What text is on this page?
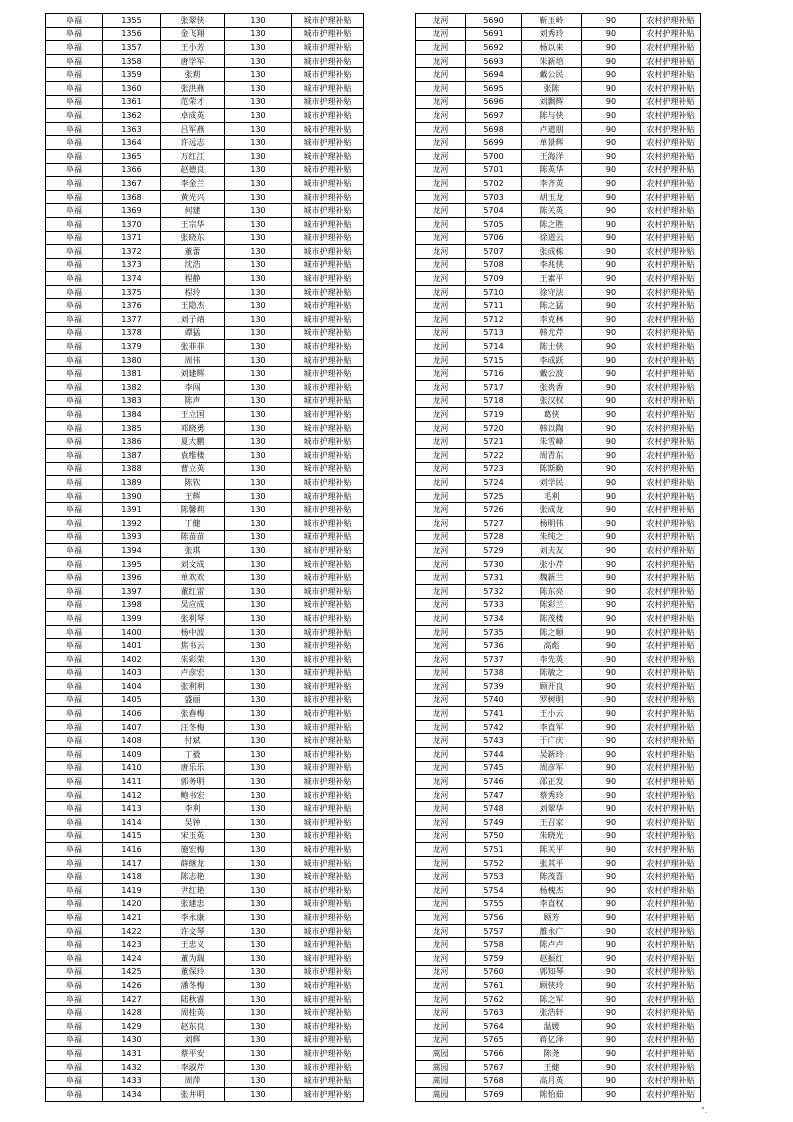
阜福	1355	张翠侠	130	城市护理补贴
阜福	1356	金飞翔	130	城市护理补贴
阜福	1357	王小芳	130	城市护理补贴
阜福	1358	唐学军	130	城市护理补贴
阜福	1359	张莉	130	城市护理补贴
阜福	1360	张洪燕	130	城市护理补贴
阜福	1361	范荣才	130	城市护理补贴
阜福	1362	卓成英	130	城市护理补贴
阜福	1363	吕军燕	130	城市护理补贴
阜福	1364	许远志	130	城市护理补贴
阜福	1365	万红江	130	城市护理补贴
阜福	1366	赵德良	130	城市护理补贴
阜福	1367	李金兰	130	城市护理补贴
阜福	1368	黄光兴	130	城市护理补贴
阜福	1369	何建	130	城市护理补贴
阜福	1370	王宗华	130	城市护理补贴
阜福	1371	张晓东	130	城市护理补贴
阜福	1372	董蕾	130	城市护理补贴
阜福	1373	沈浩	130	城市护理补贴
阜福	1374	程静	130	城市护理补贴
阜福	1375	程玲	130	城市护理补贴
阜福	1376	王隐杰	130	城市护理补贴
阜福	1377	刘子靖	130	城市护理补贴
阜福	1378	谭猛	130	城市护理补贴
阜福	1379	张菲菲	130	城市护理补贴
阜福	1380	周伟	130	城市护理补贴
阜福	1381	刘建辉	130	城市护理补贴
阜福	1382	李闯	130	城市护理补贴
阜福	1383	陈声	130	城市护理补贴
阜福	1384	王立国	130	城市护理补贴
阜福	1385	邓晓勇	130	城市护理补贴
阜福	1386	夏大鹏	130	城市护理补贴
阜福	1387	袁维楼	130	城市护理补贴
阜福	1388	曹立英	130	城市护理补贴
阜福	1389	陈钦	130	城市护理补贴
阜福	1390	王辉	130	城市护理补贴
阜福	1391	陈馨莉	130	城市护理补贴
阜福	1392	丁健	130	城市护理补贴
阜福	1393	陈苗苗	130	城市护理补贴
阜福	1394	张琪	130	城市护理补贴
阜福	1395	刘文成	130	城市护理补贴
阜福	1396	单欢欢	130	城市护理补贴
阜福	1397	董红雷	130	城市护理补贴
阜福	1398	吴应成	130	城市护理补贴
阜福	1399	张利琴	130	城市护理补贴
阜福	1400	杨中波	130	城市护理补贴
阜福	1401	焦书云	130	城市护理补贴
阜福	1402	朱彩荣	130	城市护理补贴
阜福	1403	卢彦宏	130	城市护理补贴
阜福	1404	张利利	130	城市护理补贴
阜福	1405	盛丽	130	城市护理补贴
阜福	1406	张春梅	130	城市护理补贴
阜福	1407	汪冬梅	130	城市护理补贴
阜福	1408	付斌	130	城市护理补贴
阜福	1409	丁毅	130	城市护理补贴
阜福	1410	唐乐乐	130	城市护理补贴
阜福	1411	郭务明	130	城市护理补贴
阜福	1412	鲍书宏	130	城市护理补贴
阜福	1413	李利	130	城市护理补贴
阜福	1414	吴钟	130	城市护理补贴
阜福	1415	宋玉英	130	城市护理补贴
阜福	1416	施宏梅	130	城市护理补贴
阜福	1417	薛继龙	130	城市护理补贴
阜福	1418	陈志艳	130	城市护理补贴
阜福	1419	尹红艳	130	城市护理补贴
阜福	1420	张建忠	130	城市护理补贴
阜福	1421	李永康	130	城市护理补贴
阜福	1422	许文琴	130	城市护理补贴
阜福	1423	王忠义	130	城市护理补贴
阜福	1424	董为瑞	130	城市护理补贴
阜福	1425	董保玲	130	城市护理补贴
阜福	1426	潘冬梅	130	城市护理补贴
阜福	1427	陆秋睿	130	城市护理补贴
阜福	1428	周桂英	130	城市护理补贴
阜福	1429	赵东良	130	城市护理补贴
阜福	1430	刘辉	130	城市护理补贴
阜福	1431	蔡平安	130	城市护理补贴
阜福	1432	李淑芹	130	城市护理补贴
阜福	1433	周萍	130	城市护理补贴
阜福	1434	张井明	130	城市护理补贴
龙河	5690	靳玉岭	90	农村护理补贴
龙河	5691	刘秀玲	90	农村护理补贴
龙河	5692	杨以来	90	农村护理补贴
龙河	5693	朱新培	90	农村护理补贴
龙河	5694	戴公民	90	农村护理补贴
龙河	5695	张陈	90	农村护理补贴
龙河	5696	刘飘辉	90	农村护理补贴
龙河	5697	陈与侠	90	农村护理补贴
龙河	5698	卢道朋	90	农村护理补贴
龙河	5699	单景辉	90	农村护理补贴
龙河	5700	王海洋	90	农村护理补贴
龙河	5701	陈英华	90	农村护理补贴
龙河	5702	李齐英	90	农村护理补贴
龙河	5703	胡玉龙	90	农村护理补贴
龙河	5704	陈关英	90	农村护理补贴
龙河	5705	陈之胜	90	农村护理补贴
龙河	5706	徐道云	90	农村护理补贴
龙河	5707	张成栋	90	农村护理补贴
龙河	5708	李兆侠	90	农村护理补贴
龙河	5709	王素平	90	农村护理补贴
龙河	5710	徐守法	90	农村护理补贴
龙河	5711	陈之猛	90	农村护理补贴
龙河	5712	李克林	90	农村护理补贴
龙河	5713	韩尤芹	90	农村护理补贴
龙河	5714	陈士侠	90	农村护理补贴
龙河	5715	李成跃	90	农村护理补贴
龙河	5716	戴公波	90	农村护理补贴
龙河	5717	张贵香	90	农村护理补贴
龙河	5718	张汉权	90	农村护理补贴
龙河	5719	葛侠	90	农村护理补贴
龙河	5720	韩以陶	90	农村护理补贴
龙河	5721	朱雪峰	90	农村护理补贴
龙河	5722	周青东	90	农村护理补贴
龙河	5723	陈斯勤	90	农村护理补贴
龙河	5724	刘学民	90	农村护理补贴
龙河	5725	毛利	90	农村护理补贴
龙河	5726	张成龙	90	农村护理补贴
龙河	5727	杨明伟	90	农村护理补贴
龙河	5728	朱纯之	90	农村护理补贴
龙河	5729	刘夫友	90	农村护理补贴
龙河	5730	张小芹	90	农村护理补贴
龙河	5731	魏新兰	90	农村护理补贴
龙河	5732	陈东亮	90	农村护理补贴
龙河	5733	陈彩兰	90	农村护理补贴
龙河	5734	陈茂楼	90	农村护理补贴
龙河	5735	陈之顺	90	农村护理补贴
龙河	5736	高彪	90	农村护理补贴
龙河	5737	李先英	90	农村护理补贴
龙河	5738	陈敏之	90	农村护理补贴
龙河	5739	顾开良	90	农村护理补贴
龙河	5740	罗树明	90	农村护理补贴
龙河	5741	王小云	90	农村护理补贴
龙河	5742	李直军	90	农村护理补贴
龙河	5743	于广庆	90	农村护理补贴
龙河	5744	吴新玲	90	农村护理补贴
龙河	5745	周彦军	90	农村护理补贴
龙河	5746	邵正发	90	农村护理补贴
龙河	5747	蔡秀玲	90	农村护理补贴
龙河	5748	刘翠华	90	农村护理补贴
龙河	5749	王召家	90	农村护理补贴
龙河	5750	朱晓光	90	农村护理补贴
龙河	5751	陈关平	90	农村护理补贴
龙河	5752	张其平	90	农村护理补贴
龙河	5753	陈茂喜	90	农村护理补贴
龙河	5754	杨槐杰	90	农村护理补贴
龙河	5755	李直权	90	农村护理补贴
龙河	5756	顾芳	90	农村护理补贴
龙河	5757	雒永广	90	农村护理补贴
龙河	5758	陈卢卢	90	农村护理补贴
龙河	5759	赵振红	90	农村护理补贴
龙河	5760	郭知琴	90	农村护理补贴
龙河	5761	顾侠玲	90	农村护理补贴
龙河	5762	陈之军	90	农村护理补贴
龙河	5763	张浩轩	90	农村护理补贴
龙河	5764	温媛	90	农村护理补贴
龙河	5765	蒋亿泽	90	农村护理补贴
蒿园	5766	陈尧	90	农村护理补贴
蒿园	5767	王健	90	农村护理补贴
蒿园	5768	高月英	90	农村护理补贴
蒿园	5769	陈怡茹	90	农村护理补贴
".
